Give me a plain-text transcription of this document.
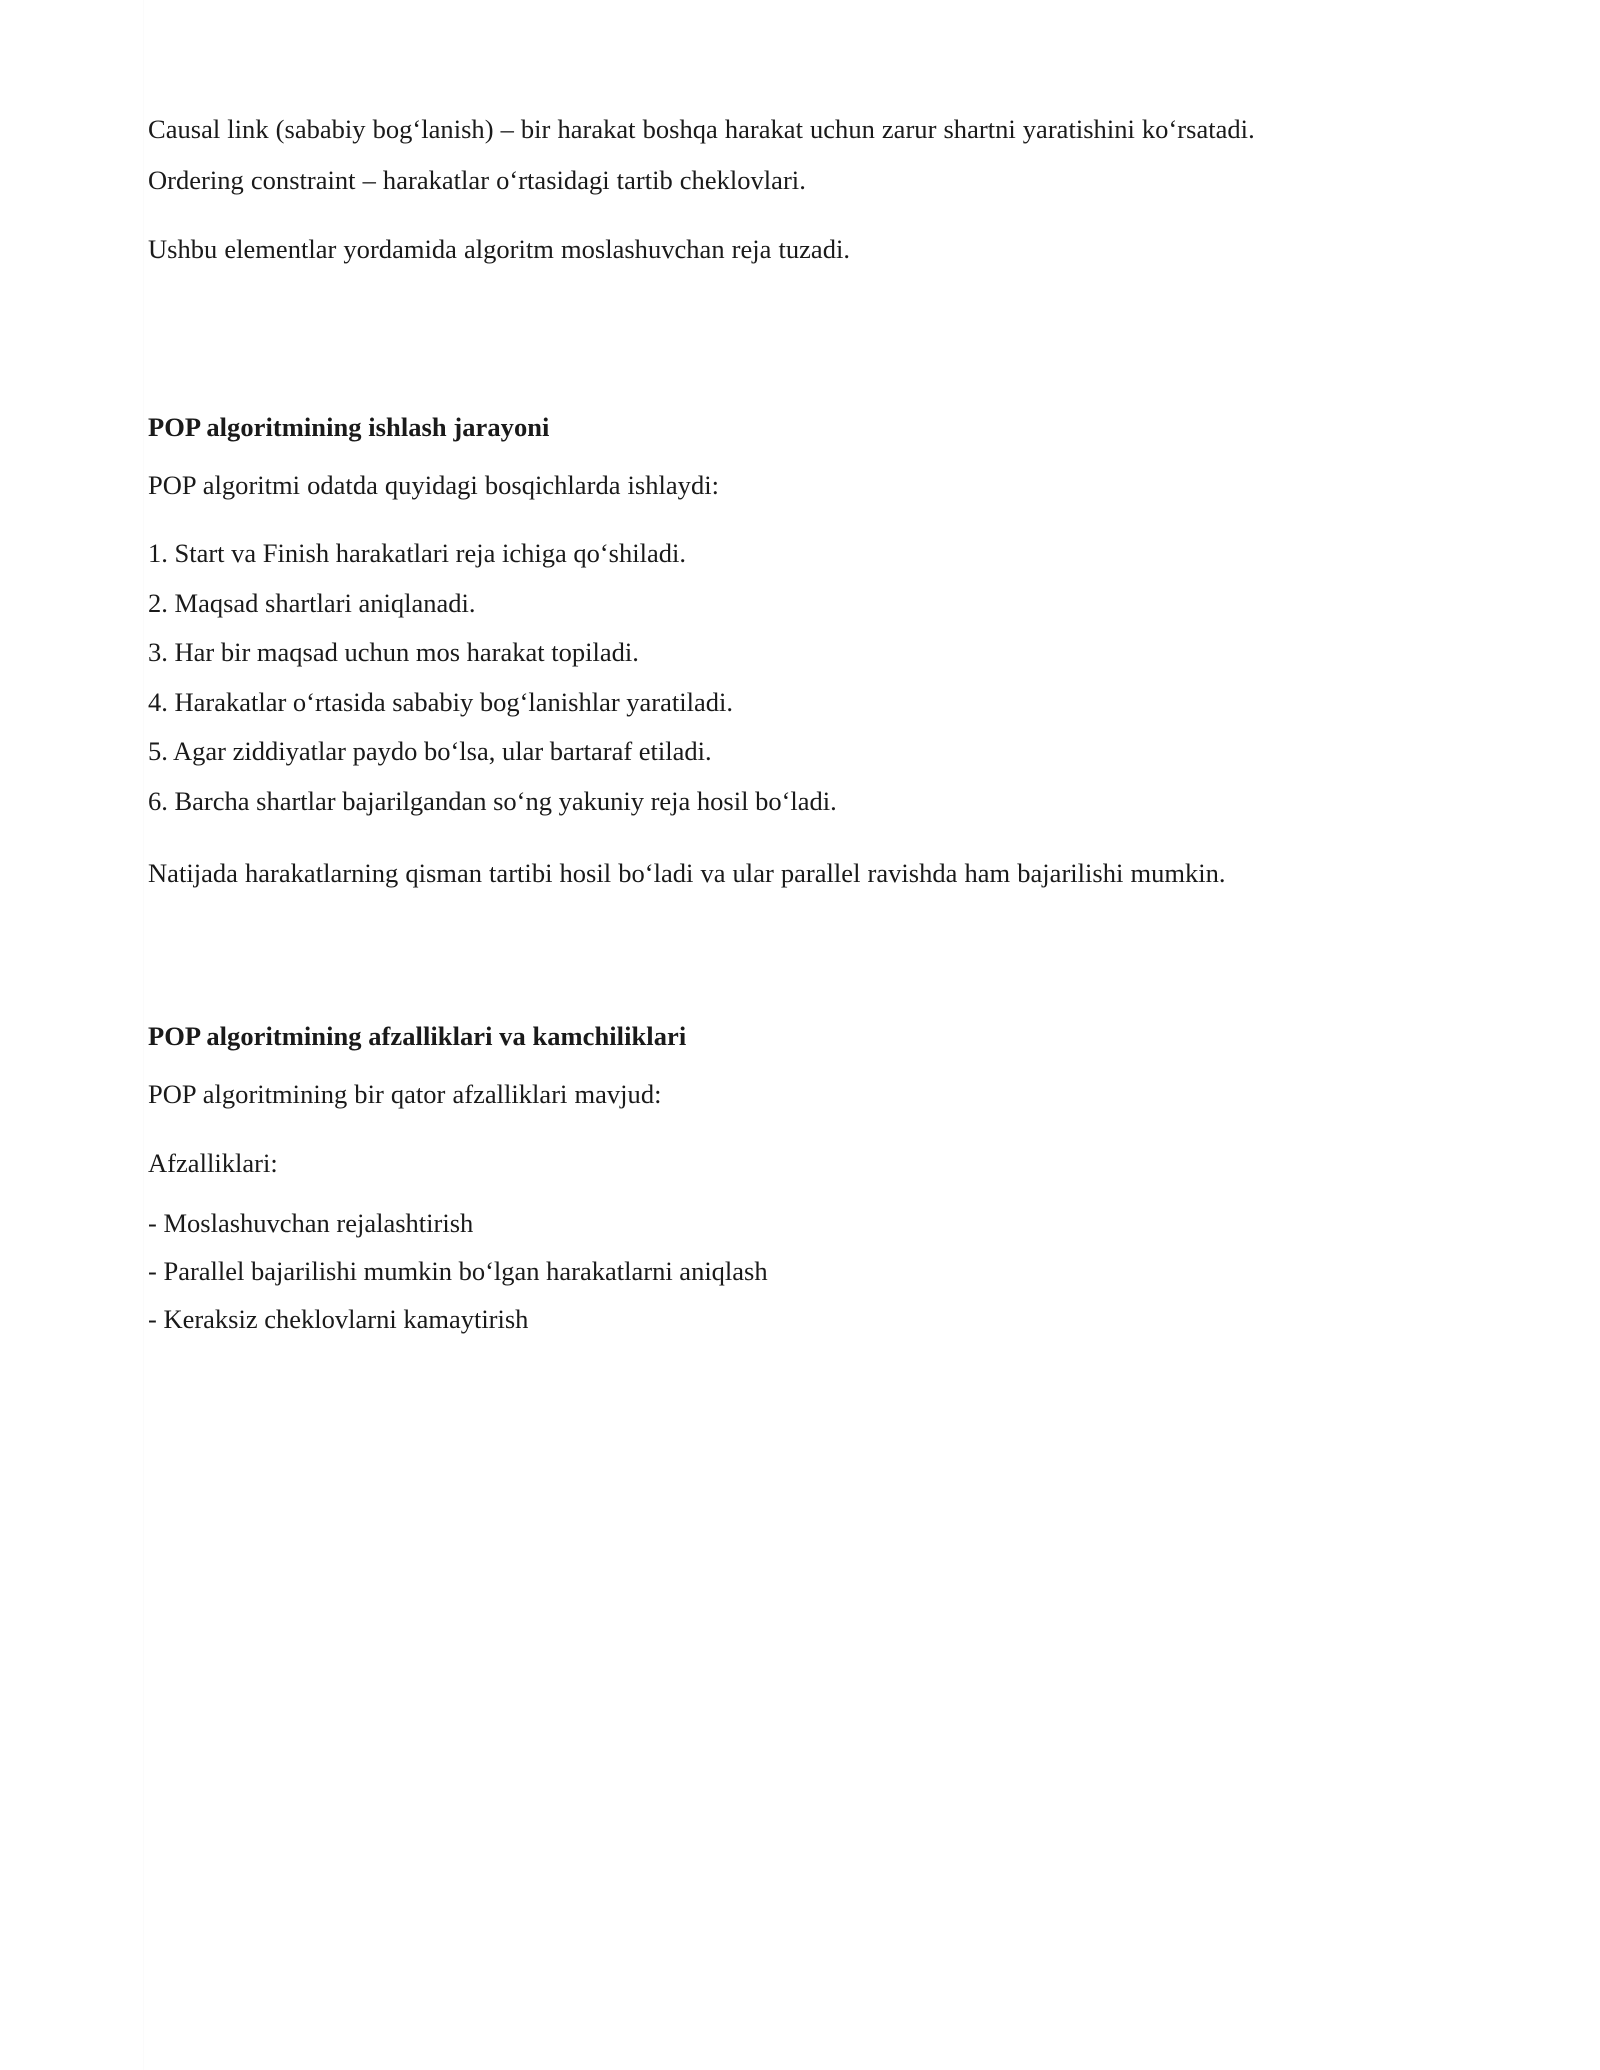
Causal link (sababiy bogʻlanish) – bir harakat boshqa harakat uchun zarur shartni yaratishini koʻrsatadi.

Ordering constraint – harakatlar oʻrtasidagi tartib cheklovlari.

Ushbu elementlar yordamida algoritm moslashuvchan reja tuzadi.

POP algoritmining ishlash jarayoni

POP algoritmi odatda quyidagi bosqichlarda ishlaydi:

1. Start va Finish harakatlari reja ichiga qoʻshiladi.
2. Maqsad shartlari aniqlanadi.
3. Har bir maqsad uchun mos harakat topiladi.
4. Harakatlar oʻrtasida sababiy bogʻlanishlar yaratiladi.
5. Agar ziddiyatlar paydo boʻlsa, ular bartaraf etiladi.
6. Barcha shartlar bajarilgandan soʻng yakuniy reja hosil boʻladi.

Natijada harakatlarning qisman tartibi hosil boʻladi va ular parallel ravishda ham bajarilishi mumkin.

POP algoritmining afzalliklari va kamchiliklari

POP algoritmining bir qator afzalliklari mavjud:

Afzalliklari:

- Moslashuvchan rejalashtirish
- Parallel bajarilishi mumkin boʻlgan harakatlarni aniqlash
- Keraksiz cheklovlarni kamaytirish
